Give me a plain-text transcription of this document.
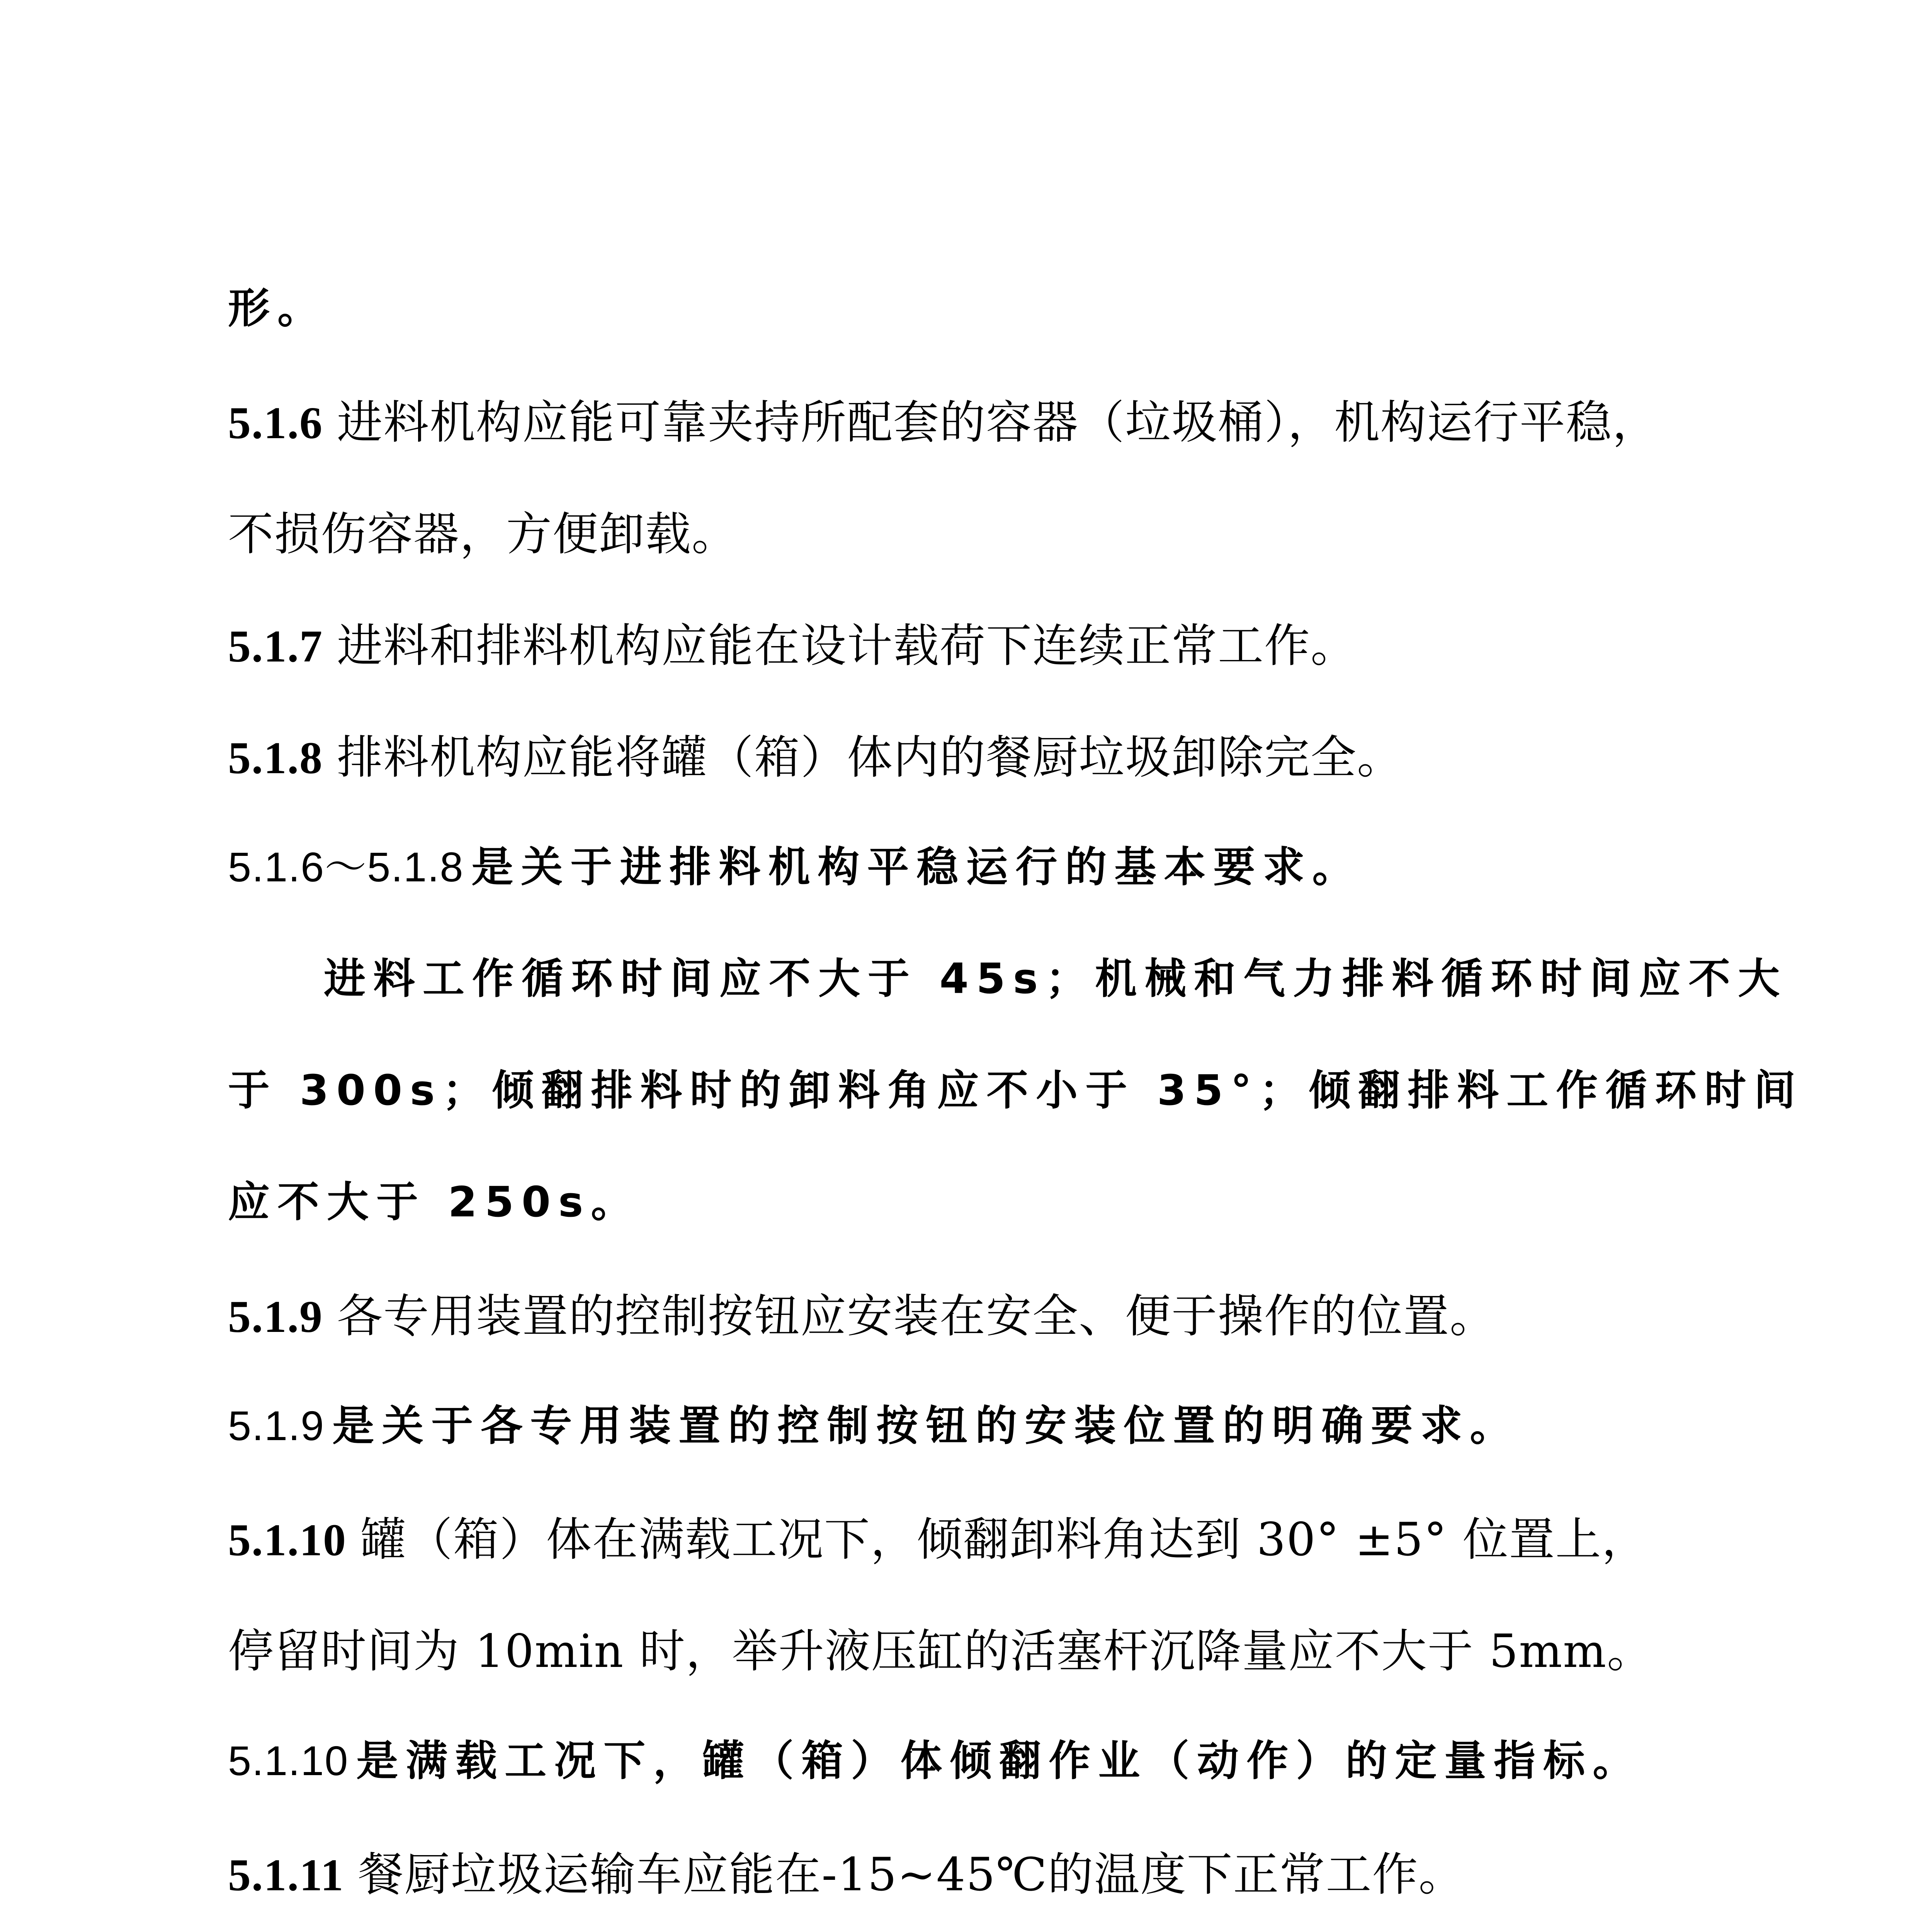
形。
5.1.6 进料机构应能可靠夹持所配套的容器（垃圾桶），机构运行平稳，
不损伤容器，方便卸载。
5.1.7 进料和排料机构应能在设计载荷下连续正常工作。
5.1.8 排料机构应能将罐（箱）体内的餐厨垃圾卸除完全。
5.1.6～5.1.8 是关于进排料机构平稳运行的基本要求。
进料工作循环时间应不大于 45s；机械和气力排料循环时间应不大
于 300s；倾翻排料时的卸料角应不小于 35°；倾翻排料工作循环时间
应不大于 250s。
5.1.9 各专用装置的控制按钮应安装在安全、便于操作的位置。
5.1.9 是关于各专用装置的控制按钮的安装位置的明确要求。
5.1.10 罐（箱）体在满载工况下，倾翻卸料角达到 30° ±5° 位置上，
停留时间为 10min 时，举升液压缸的活塞杆沉降量应不大于 5mm。
5.1.10 是满载工况下，罐（箱）体倾翻作业（动作）的定量指标。
5.1.11 餐厨垃圾运输车应能在-15~45℃的温度下正常工作。
